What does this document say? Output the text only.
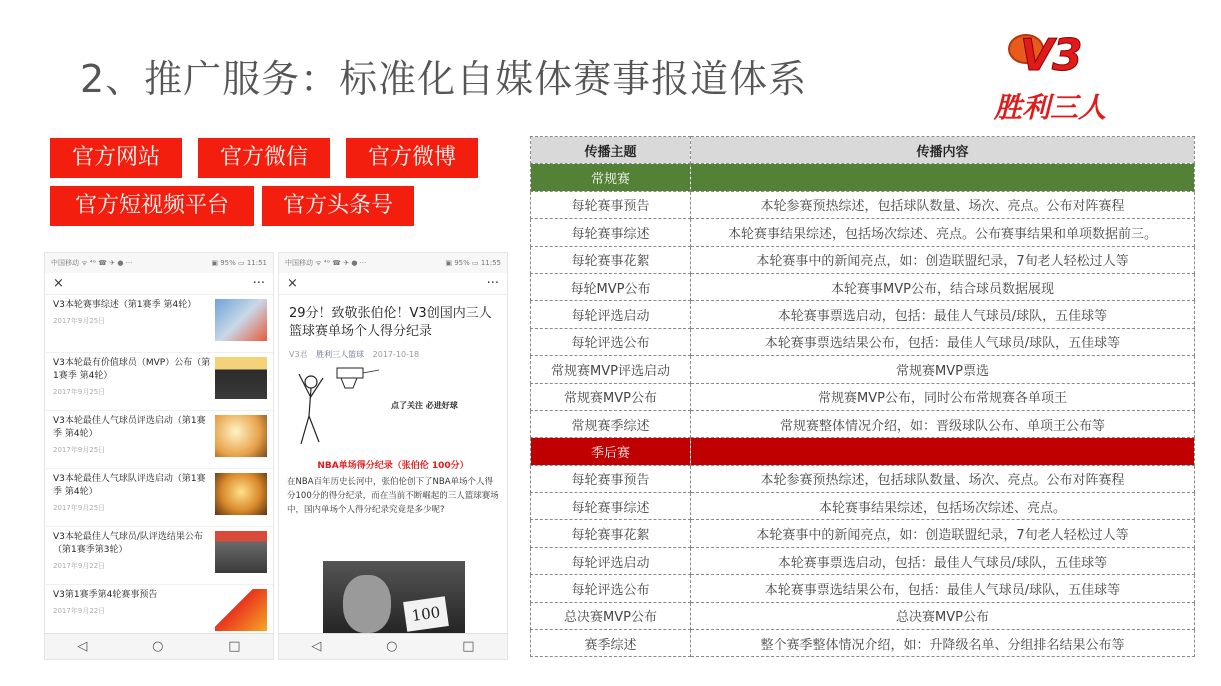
2、推广服务：标准化自媒体赛事报道体系	V3
胜利三人
官方网站	官方微信	官方微博
官方短视频平台	官方头条号
中国移动 ᯤ ⁴ᴳ ☎ ✈ ● ···	▣ 95% ▭ 11:51
×	···
V3本轮赛事综述（第1赛季 第4轮）
2017年9月25日
V3本轮最有价值球员（MVP）公布（第1赛季 第4轮）
2017年9月25日
V3本轮最佳人气球员评选启动（第1赛季 第4轮）
2017年9月25日
V3本轮最佳人气球队评选启动（第1赛季 第4轮）
2017年9月25日
V3本轮最佳人气球员/队评选结果公布（第1赛季第3轮）
2017年9月22日
V3第1赛季第4轮赛事预告
2017年9月22日
◁	○	□
中国移动 ᯤ ⁴ᴳ ☎ ✈ ● ···	▣ 95% ▭ 11:55
×	···
29分！致敬张伯伦！V3创国内三人篮球赛单场个人得分纪录
V3君 胜利三人篮球 2017-10-18
点了关注 必进好球
NBA单场得分纪录（张伯伦 100分）
在NBA百年历史长河中，张伯伦创下了NBA单场个人得分100分的得分纪录，而在当前不断崛起的三人篮球赛场中，国内单场个人得分纪录究竟是多少呢?
100
◁	○	□
传播主题	传播内容
常规赛	
每轮赛事预告	本轮参赛预热综述，包括球队数量、场次、亮点。公布对阵赛程
每轮赛事综述	本轮赛事结果综述，包括场次综述、亮点。公布赛事结果和单项数据前三。
每轮赛事花絮	本轮赛事中的新闻亮点，如：创造联盟纪录，7旬老人轻松过人等
每轮MVP公布	本轮赛事MVP公布，结合球员数据展现
每轮评选启动	本轮赛事票选启动，包括：最佳人气球员/球队，五佳球等
每轮评选公布	本轮赛事票选结果公布，包括：最佳人气球员/球队，五佳球等
常规赛MVP评选启动	常规赛MVP票选
常规赛MVP公布	常规赛MVP公布，同时公布常规赛各单项王
常规赛季综述	常规赛整体情况介绍，如：晋级球队公布、单项王公布等
季后赛	
每轮赛事预告	本轮参赛预热综述，包括球队数量、场次、亮点。公布对阵赛程
每轮赛事综述	本轮赛事结果综述，包括场次综述、亮点。
每轮赛事花絮	本轮赛事中的新闻亮点，如：创造联盟纪录，7旬老人轻松过人等
每轮评选启动	本轮赛事票选启动，包括：最佳人气球员/球队，五佳球等
每轮评选公布	本轮赛事票选结果公布，包括：最佳人气球员/球队，五佳球等
总决赛MVP公布	总决赛MVP公布
赛季综述	整个赛季整体情况介绍，如：升降级名单、分组排名结果公布等
